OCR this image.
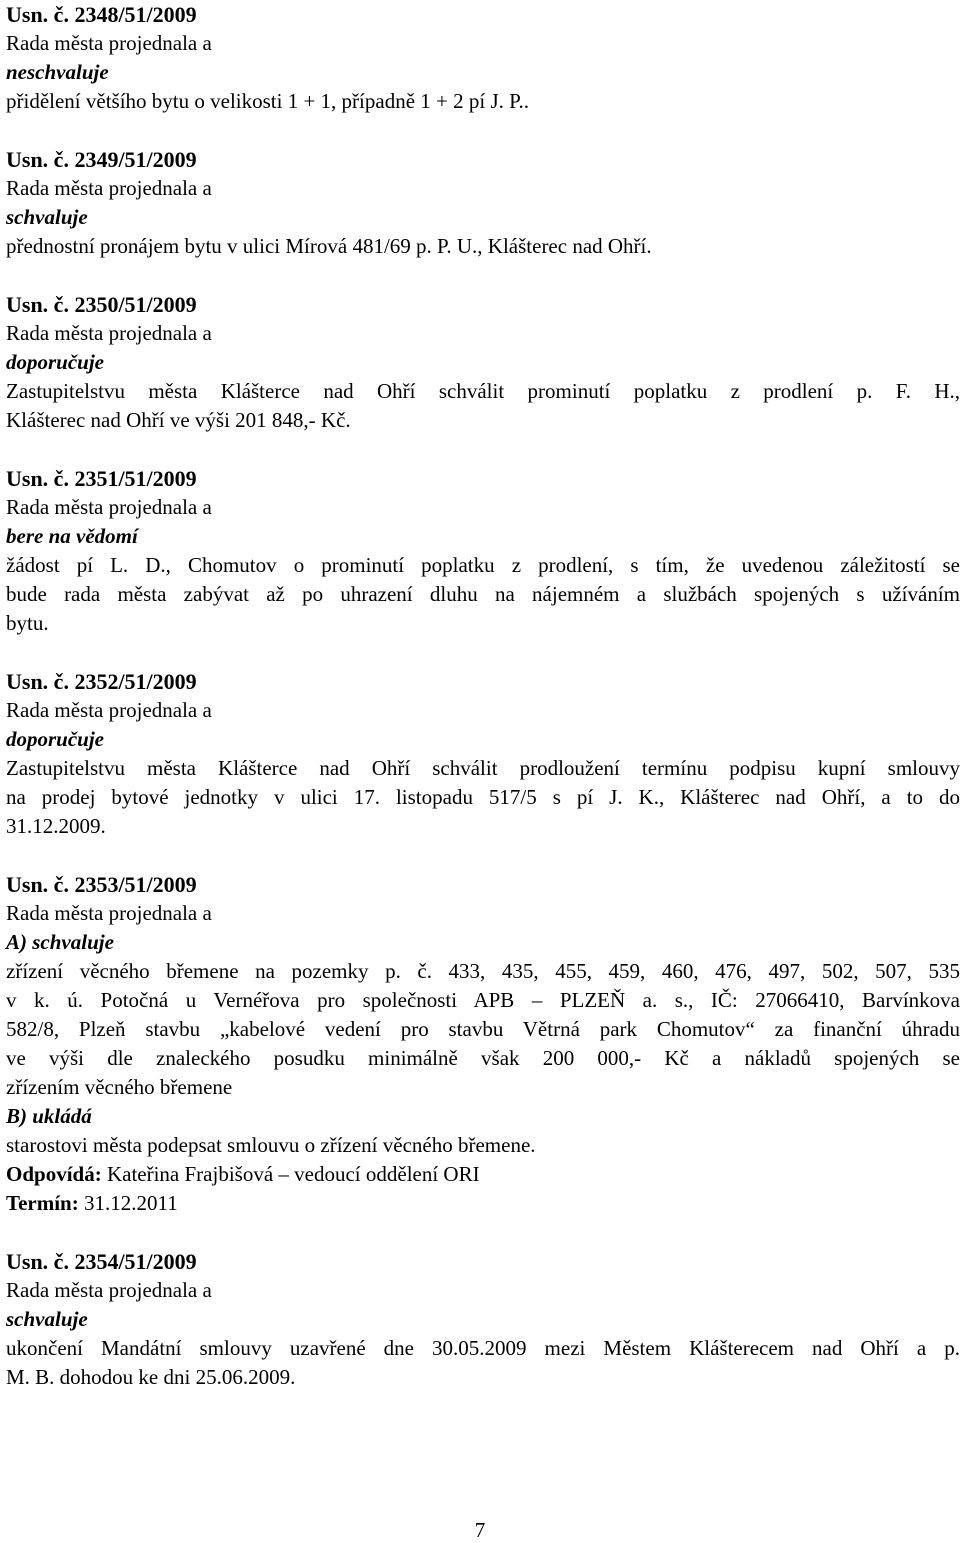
Usn. č. 2348/51/2009
Rada města projednala a
neschvaluje
přidělení většího bytu o velikosti 1 + 1, případně 1 + 2 pí J. P..
Usn. č. 2349/51/2009
Rada města projednala a
schvaluje
přednostní pronájem bytu v ulici Mírová 481/69 p. P. U., Klášterec nad Ohří.
Usn. č. 2350/51/2009
Rada města projednala a
doporučuje
Zastupitelstvu města Klášterce nad Ohří schválit prominutí poplatku z prodlení p. F. H.,
Klášterec nad Ohří ve výši 201 848,- Kč.
Usn. č. 2351/51/2009
Rada města projednala a
bere na vědomí
žádost pí L. D., Chomutov o prominutí poplatku z prodlení, s tím, že uvedenou záležitostí se
bude rada města zabývat až po uhrazení dluhu na nájemném a službách spojených s užíváním
bytu.
Usn. č. 2352/51/2009
Rada města projednala a
doporučuje
Zastupitelstvu města Klášterce nad Ohří schválit prodloužení termínu podpisu kupní smlouvy
na prodej bytové jednotky v ulici 17. listopadu 517/5 s pí J. K., Klášterec nad Ohří, a to do
31.12.2009.
Usn. č. 2353/51/2009
Rada města projednala a
A) schvaluje
zřízení věcného břemene na pozemky p. č. 433, 435, 455, 459, 460, 476, 497, 502, 507, 535
v k. ú. Potočná u Vernéřova pro společnosti APB – PLZEŇ a. s., IČ: 27066410, Barvínkova
582/8, Plzeň stavbu „kabelové vedení pro stavbu Větrná park Chomutov“ za finanční úhradu
ve výši dle znaleckého posudku minimálně však 200 000,- Kč a nákladů spojených se
zřízením věcného břemene
B) ukládá
starostovi města podepsat smlouvu o zřízení věcného břemene.
Odpovídá: Kateřina Frajbišová – vedoucí oddělení ORI
Termín: 31.12.2011
Usn. č. 2354/51/2009
Rada města projednala a
schvaluje
ukončení Mandátní smlouvy uzavřené dne 30.05.2009 mezi Městem Klášterecem nad Ohří a p.
M. B. dohodou ke dni 25.06.2009.
7
